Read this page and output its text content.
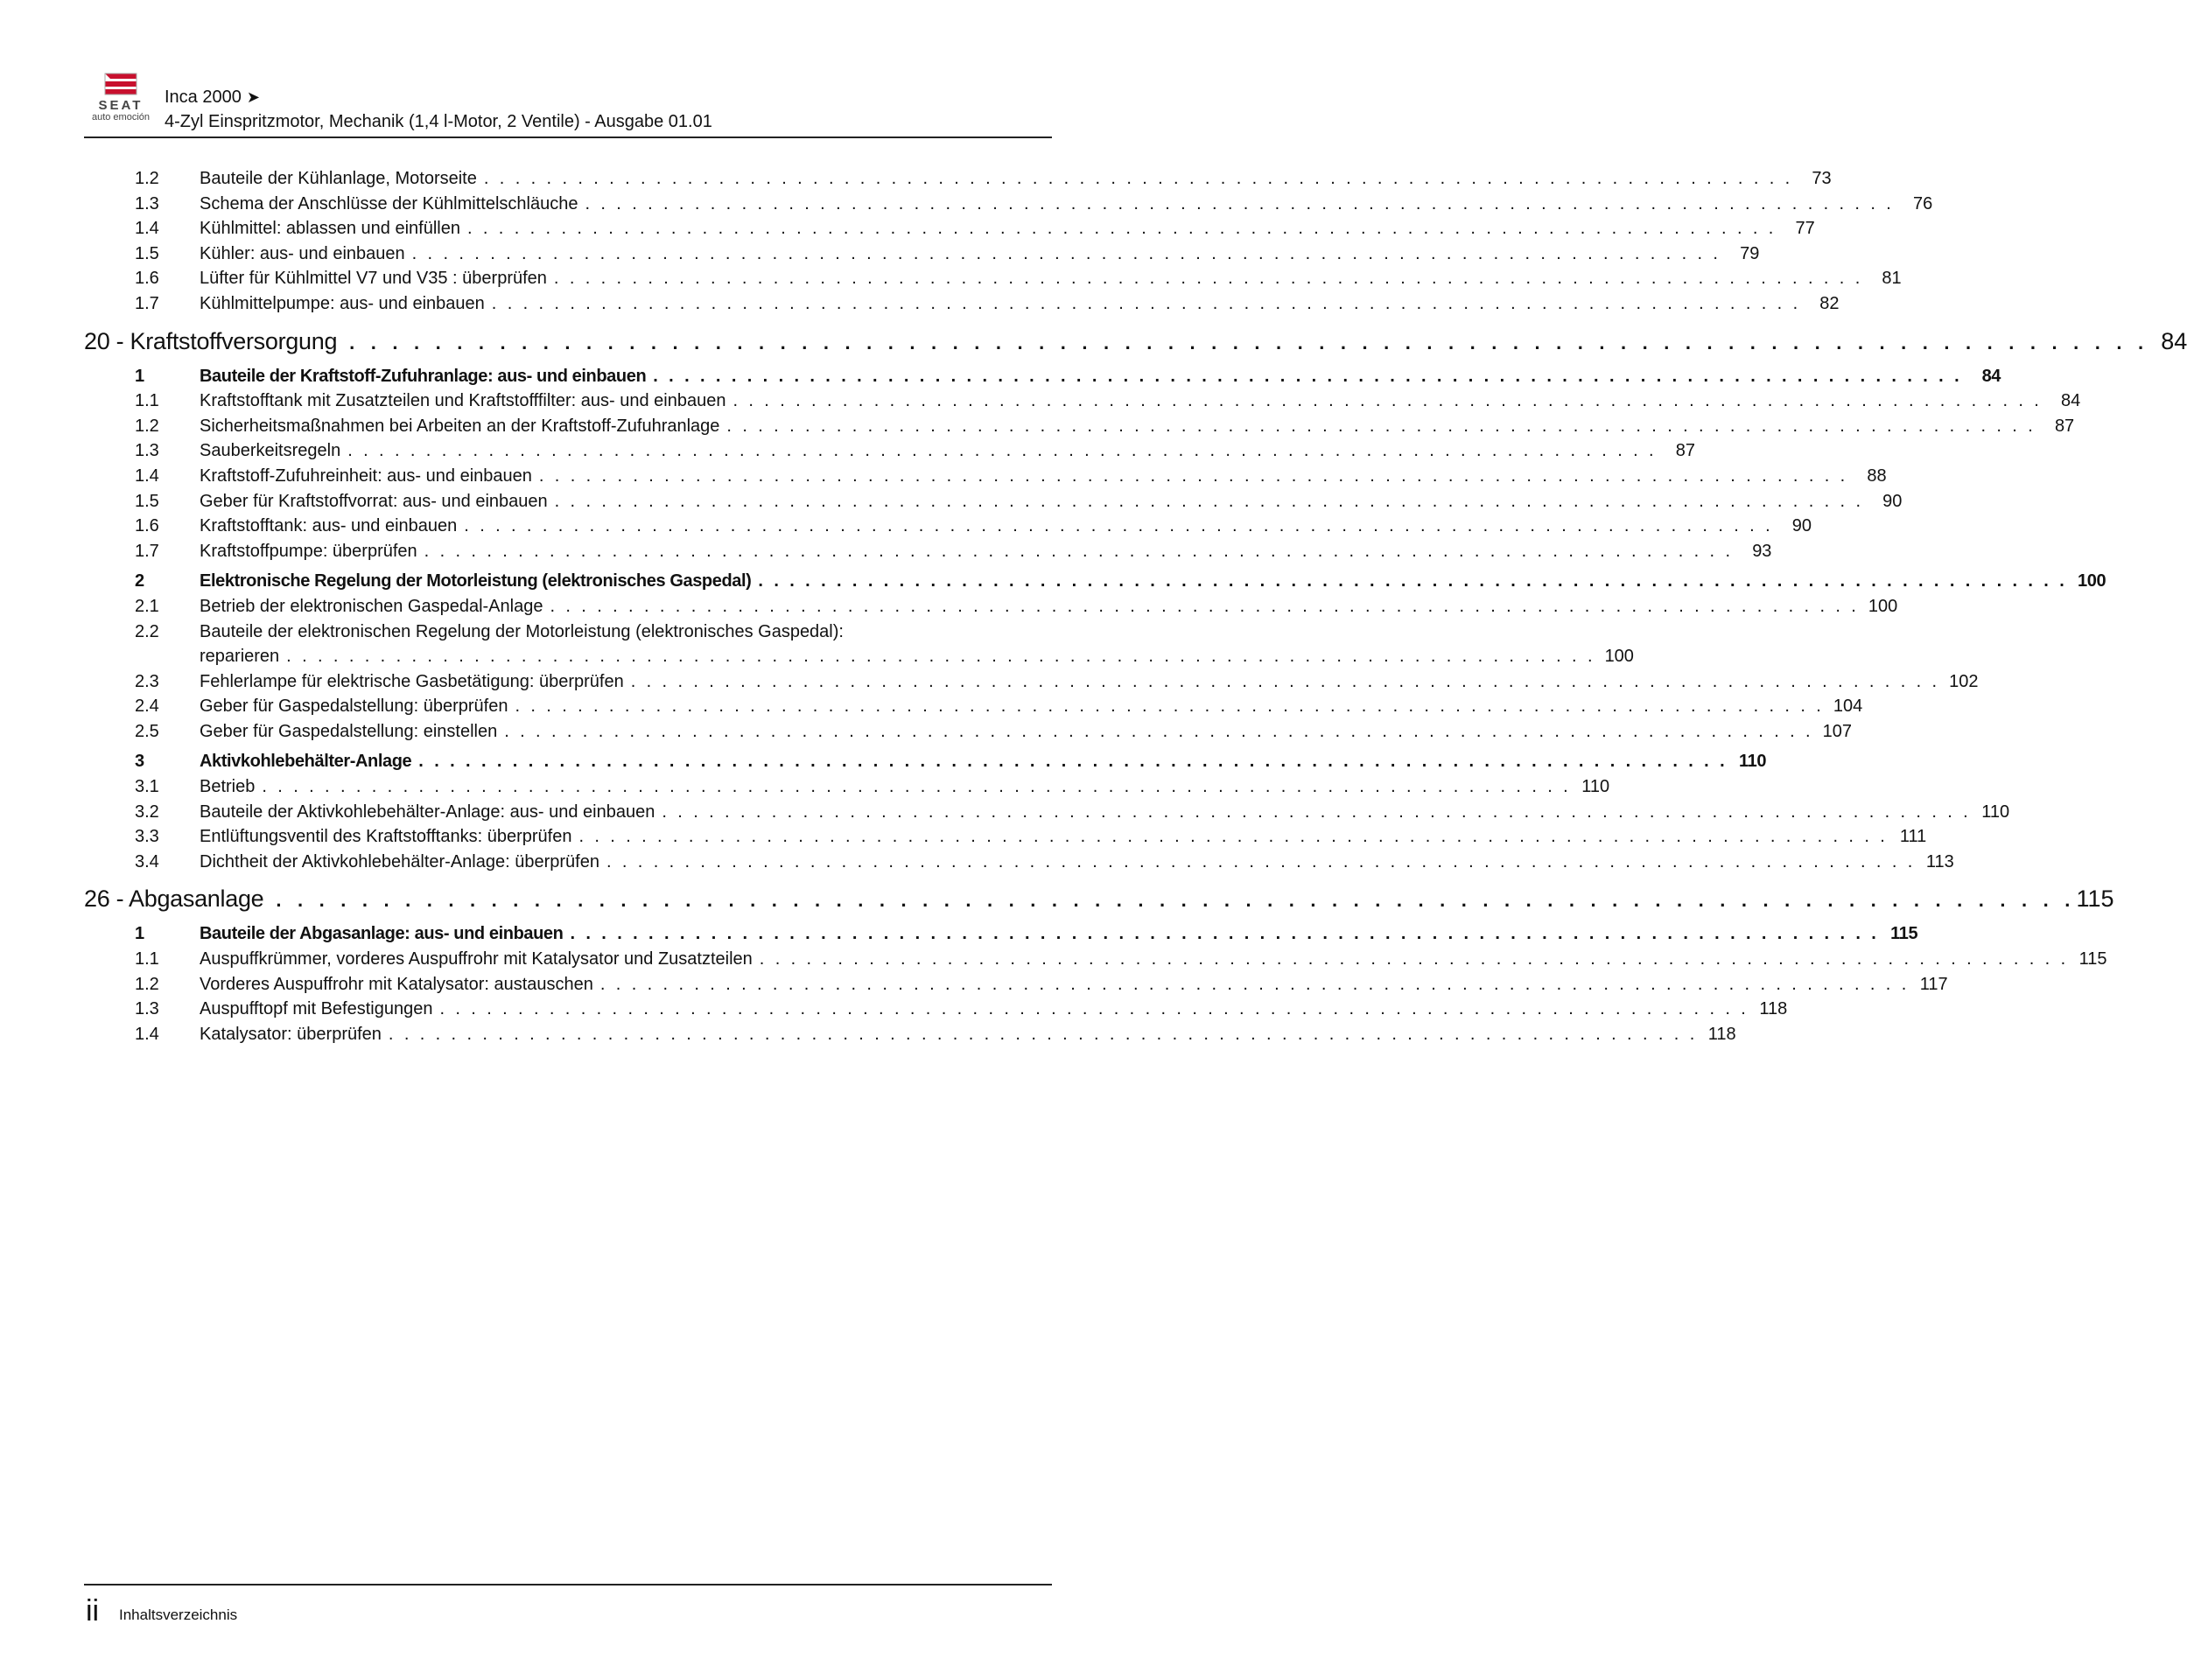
SEAT
auto emoción
Inca 2000 ➤
4-Zyl Einspritzmotor, Mechanik (1,4 l-Motor, 2 Ventile) - Ausgabe 01.01
1.2	Bauteile der Kühlanlage, Motorseite . . . . . . . . . . . . . . . . . . . . . . . . . . . . . . . . . . . . . . . . . . . . . . . . . . . . . . . . . . . . . . . . . . . . . . . . . . . . . . . . . . . .	73
1.3	Schema der Anschlüsse der Kühlmittelschläuche . . . . . . . . . . . . . . . . . . . . . . . . . . . . . . . . . . . . . . . . . . . . . . . . . . . . . . . . . . . . . . . . . . . . . . . . . . . . . . . . . . . .	76
1.4	Kühlmittel: ablassen und einfüllen . . . . . . . . . . . . . . . . . . . . . . . . . . . . . . . . . . . . . . . . . . . . . . . . . . . . . . . . . . . . . . . . . . . . . . . . . . . . . . . . . . . .	77
1.5	Kühler: aus- und einbauen . . . . . . . . . . . . . . . . . . . . . . . . . . . . . . . . . . . . . . . . . . . . . . . . . . . . . . . . . . . . . . . . . . . . . . . . . . . . . . . . . . . .	79
1.6	Lüfter für Kühlmittel V7 und V35 : überprüfen . . . . . . . . . . . . . . . . . . . . . . . . . . . . . . . . . . . . . . . . . . . . . . . . . . . . . . . . . . . . . . . . . . . . . . . . . . . . . . . . . . . .	81
1.7	Kühlmittelpumpe: aus- und einbauen . . . . . . . . . . . . . . . . . . . . . . . . . . . . . . . . . . . . . . . . . . . . . . . . . . . . . . . . . . . . . . . . . . . . . . . . . . . . . . . . . . . .	82
20 - Kraftstoffversorgung . . . . . . . . . . . . . . . . . . . . . . . . . . . . . . . . . . . . . . . . . . . . . . . . . . . . . . . . . . . . . . . . . . . . . . . . . . . . . . . . . . . . 84
1	Bauteile der Kraftstoff-Zufuhranlage: aus- und einbauen . . . . . . . . . . . . . . . . . . . . . . . . . . . . . . . . . . . . . . . . . . . . . . . . . . . . . . . . . . . . . . . . . . . . . . . . . . . . . . . . . . . .	84
1.1	Kraftstofftank mit Zusatzteilen und Kraftstofffilter: aus- und einbauen . . . . . . . . . . . . . . . . . . . . . . . . . . . . . . . . . . . . . . . . . . . . . . . . . . . . . . . . . . . . . . . . . . . . . . . . . . . . . . . . . . . .	84
1.2	Sicherheitsmaßnahmen bei Arbeiten an der Kraftstoff-Zufuhranlage . . . . . . . . . . . . . . . . . . . . . . . . . . . . . . . . . . . . . . . . . . . . . . . . . . . . . . . . . . . . . . . . . . . . . . . . . . . . . . . . . . . .	87
1.3	Sauberkeitsregeln . . . . . . . . . . . . . . . . . . . . . . . . . . . . . . . . . . . . . . . . . . . . . . . . . . . . . . . . . . . . . . . . . . . . . . . . . . . . . . . . . . . .	87
1.4	Kraftstoff-Zufuhreinheit: aus- und einbauen . . . . . . . . . . . . . . . . . . . . . . . . . . . . . . . . . . . . . . . . . . . . . . . . . . . . . . . . . . . . . . . . . . . . . . . . . . . . . . . . . . . .	88
1.5	Geber für Kraftstoffvorrat: aus- und einbauen . . . . . . . . . . . . . . . . . . . . . . . . . . . . . . . . . . . . . . . . . . . . . . . . . . . . . . . . . . . . . . . . . . . . . . . . . . . . . . . . . . . .	90
1.6	Kraftstofftank: aus- und einbauen . . . . . . . . . . . . . . . . . . . . . . . . . . . . . . . . . . . . . . . . . . . . . . . . . . . . . . . . . . . . . . . . . . . . . . . . . . . . . . . . . . . .	90
1.7	Kraftstoffpumpe: überprüfen . . . . . . . . . . . . . . . . . . . . . . . . . . . . . . . . . . . . . . . . . . . . . . . . . . . . . . . . . . . . . . . . . . . . . . . . . . . . . . . . . . . .	93
2	Elektronische Regelung der Motorleistung (elektronisches Gaspedal) . . . . . . . . . . . . . . . . . . . . . . . . . . . . . . . . . . . . . . . . . . . . . . . . . . . . . . . . . . . . . . . . . . . . . . . . . . . . . . . . . . . . 100
2.1	Betrieb der elektronischen Gaspedal-Anlage . . . . . . . . . . . . . . . . . . . . . . . . . . . . . . . . . . . . . . . . . . . . . . . . . . . . . . . . . . . . . . . . . . . . . . . . . . . . . . . . . . . . 100
2.2	Bauteile der elektronischen Regelung der Motorleistung (elektronisches Gaspedal):
reparieren . . . . . . . . . . . . . . . . . . . . . . . . . . . . . . . . . . . . . . . . . . . . . . . . . . . . . . . . . . . . . . . . . . . . . . . . . . . . . . . . . . . . 100
2.3	Fehlerlampe für elektrische Gasbetätigung: überprüfen . . . . . . . . . . . . . . . . . . . . . . . . . . . . . . . . . . . . . . . . . . . . . . . . . . . . . . . . . . . . . . . . . . . . . . . . . . . . . . . . . . . . 102
2.4	Geber für Gaspedalstellung: überprüfen . . . . . . . . . . . . . . . . . . . . . . . . . . . . . . . . . . . . . . . . . . . . . . . . . . . . . . . . . . . . . . . . . . . . . . . . . . . . . . . . . . . . 104
2.5	Geber für Gaspedalstellung: einstellen . . . . . . . . . . . . . . . . . . . . . . . . . . . . . . . . . . . . . . . . . . . . . . . . . . . . . . . . . . . . . . . . . . . . . . . . . . . . . . . . . . . . 107
3	Aktivkohlebehälter-Anlage . . . . . . . . . . . . . . . . . . . . . . . . . . . . . . . . . . . . . . . . . . . . . . . . . . . . . . . . . . . . . . . . . . . . . . . . . . . . . . . . . . . . 110
3.1	Betrieb . . . . . . . . . . . . . . . . . . . . . . . . . . . . . . . . . . . . . . . . . . . . . . . . . . . . . . . . . . . . . . . . . . . . . . . . . . . . . . . . . . . . 110
3.2	Bauteile der Aktivkohlebehälter-Anlage: aus- und einbauen . . . . . . . . . . . . . . . . . . . . . . . . . . . . . . . . . . . . . . . . . . . . . . . . . . . . . . . . . . . . . . . . . . . . . . . . . . . . . . . . . . . . 110
3.3	Entlüftungsventil des Kraftstofftanks: überprüfen . . . . . . . . . . . . . . . . . . . . . . . . . . . . . . . . . . . . . . . . . . . . . . . . . . . . . . . . . . . . . . . . . . . . . . . . . . . . . . . . . . . . 111
3.4	Dichtheit der Aktivkohlebehälter-Anlage: überprüfen . . . . . . . . . . . . . . . . . . . . . . . . . . . . . . . . . . . . . . . . . . . . . . . . . . . . . . . . . . . . . . . . . . . . . . . . . . . . . . . . . . . . 113
26 - Abgasanlage . . . . . . . . . . . . . . . . . . . . . . . . . . . . . . . . . . . . . . . . . . . . . . . . . . . . . . . . . . . . . . . . . . . . . . . . . . . . . . . . . . . . 115
1	Bauteile der Abgasanlage: aus- und einbauen . . . . . . . . . . . . . . . . . . . . . . . . . . . . . . . . . . . . . . . . . . . . . . . . . . . . . . . . . . . . . . . . . . . . . . . . . . . . . . . . . . . . 115
1.1	Auspuffkrümmer, vorderes Auspuffrohr mit Katalysator und Zusatzteilen . . . . . . . . . . . . . . . . . . . . . . . . . . . . . . . . . . . . . . . . . . . . . . . . . . . . . . . . . . . . . . . . . . . . . . . . . . . . . . . . . . . . 115
1.2	Vorderes Auspuffrohr mit Katalysator: austauschen . . . . . . . . . . . . . . . . . . . . . . . . . . . . . . . . . . . . . . . . . . . . . . . . . . . . . . . . . . . . . . . . . . . . . . . . . . . . . . . . . . . . 117
1.3	Auspufftopf mit Befestigungen . . . . . . . . . . . . . . . . . . . . . . . . . . . . . . . . . . . . . . . . . . . . . . . . . . . . . . . . . . . . . . . . . . . . . . . . . . . . . . . . . . . . 118
1.4	Katalysator: überprüfen . . . . . . . . . . . . . . . . . . . . . . . . . . . . . . . . . . . . . . . . . . . . . . . . . . . . . . . . . . . . . . . . . . . . . . . . . . . . . . . . . . . . 118
ii Inhaltsverzeichnis
